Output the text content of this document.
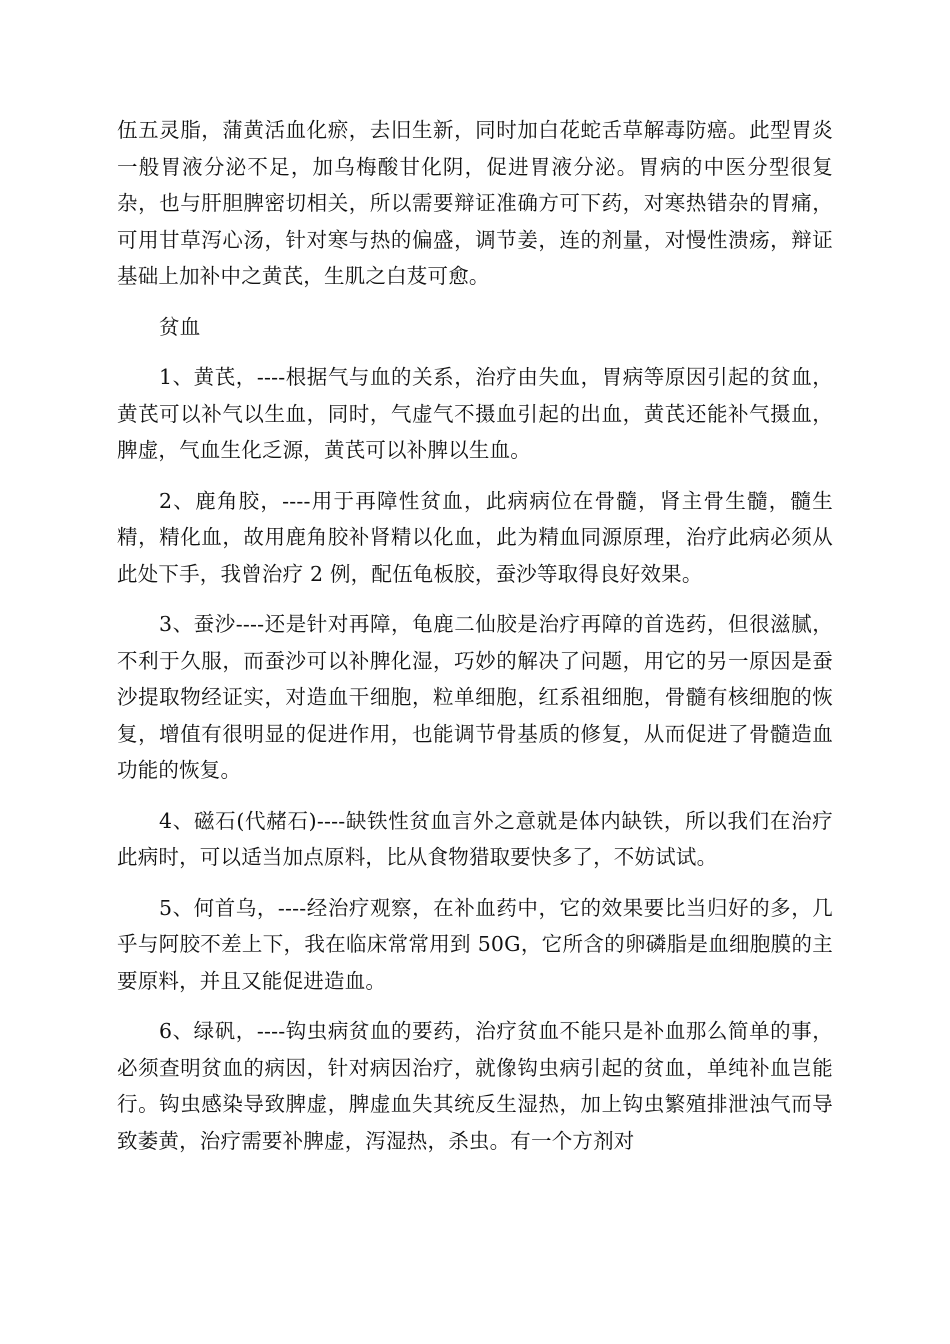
伍五灵脂，蒲黄活血化瘀，去旧生新，同时加白花蛇舌草解毒防癌。此型胃炎一般胃液分泌不足，加乌梅酸甘化阴，促进胃液分泌。胃病的中医分型很复杂，也与肝胆脾密切相关，所以需要辩证准确方可下药，对寒热错杂的胃痛，可用甘草泻心汤，针对寒与热的偏盛，调节姜，连的剂量，对慢性溃疡，辩证基础上加补中之黄芪，生肌之白芨可愈。

贫血

1、黄芪，----根据气与血的关系，治疗由失血，胃病等原因引起的贫血，黄芪可以补气以生血，同时，气虚气不摄血引起的出血，黄芪还能补气摄血，脾虚，气血生化乏源，黄芪可以补脾以生血。

2、鹿角胶，----用于再障性贫血，此病病位在骨髓，肾主骨生髓，髓生精，精化血，故用鹿角胶补肾精以化血，此为精血同源原理，治疗此病必须从此处下手，我曾治疗 2 例，配伍龟板胶，蚕沙等取得良好效果。

3、蚕沙----还是针对再障，龟鹿二仙胶是治疗再障的首选药，但很滋腻，不利于久服，而蚕沙可以补脾化湿，巧妙的解决了问题，用它的另一原因是蚕沙提取物经证实，对造血干细胞，粒单细胞，红系祖细胞，骨髓有核细胞的恢复，增值有很明显的促进作用，也能调节骨基质的修复，从而促进了骨髓造血功能的恢复。

4、磁石(代赭石)----缺铁性贫血言外之意就是体内缺铁，所以我们在治疗此病时，可以适当加点原料，比从食物猎取要快多了，不妨试试。

5、何首乌，----经治疗观察，在补血药中，它的效果要比当归好的多，几乎与阿胶不差上下，我在临床常常用到 50G，它所含的卵磷脂是血细胞膜的主要原料，并且又能促进造血。

6、绿矾，----钩虫病贫血的要药，治疗贫血不能只是补血那么简单的事，必须查明贫血的病因，针对病因治疗，就像钩虫病引起的贫血，单纯补血岂能行。钩虫感染导致脾虚，脾虚血失其统反生湿热，加上钩虫繁殖排泄浊气而导致萎黄，治疗需要补脾虚，泻湿热，杀虫。有一个方剂对
